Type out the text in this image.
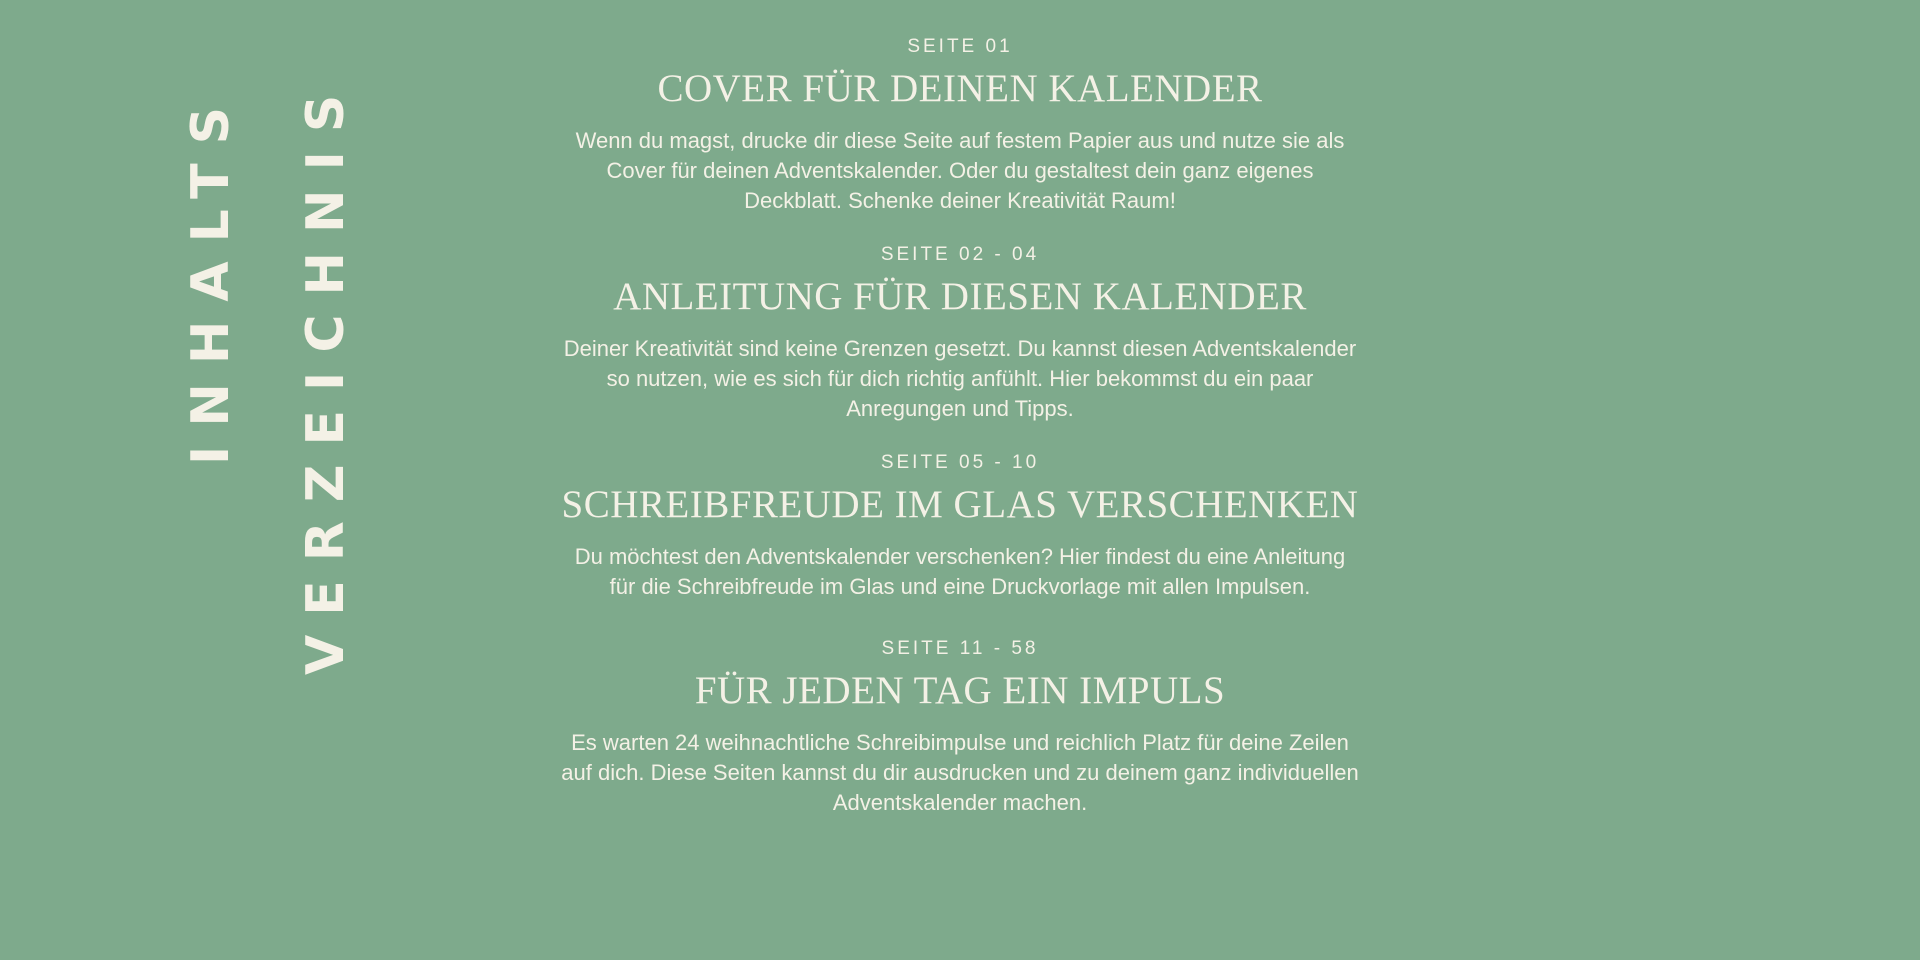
INHALTS VERZEICHNIS
SEITE 01
COVER FÜR DEINEN KALENDER
Wenn du magst, drucke dir diese Seite auf festem Papier aus und nutze sie als Cover für deinen Adventskalender. Oder du gestaltest dein ganz eigenes Deckblatt. Schenke deiner Kreativität Raum!
SEITE 02 - 04
ANLEITUNG FÜR DIESEN KALENDER
Deiner Kreativität sind keine Grenzen gesetzt. Du kannst diesen Adventskalender so nutzen, wie es sich für dich richtig anfühlt. Hier bekommst du ein paar Anregungen und Tipps.
SEITE 05 - 10
SCHREIBFREUDE IM GLAS VERSCHENKEN
Du möchtest den Adventskalender verschenken? Hier findest du eine Anleitung für die Schreibfreude im Glas und eine Druckvorlage mit allen Impulsen.
SEITE 11 - 58
FÜR JEDEN TAG EIN IMPULS
Es warten 24 weihnachtliche Schreibimpulse und reichlich Platz für deine Zeilen auf dich. Diese Seiten kannst du dir ausdrucken und zu deinem ganz individuellen Adventskalender machen.
